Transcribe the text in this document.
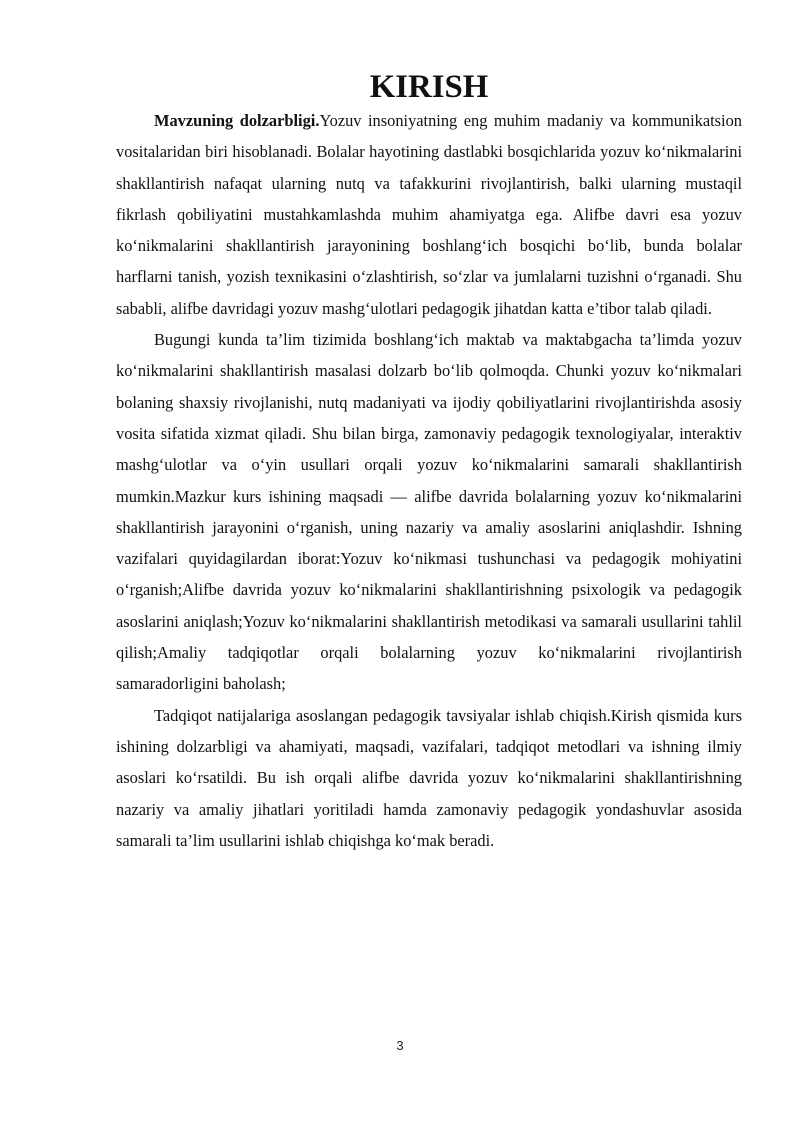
KIRISH

Mavzuning dolzarbligi.Yozuv insoniyatning eng muhim madaniy va kommunikatsion vositalaridan biri hisoblanadi. Bolalar hayotining dastlabki bosqichlarida yozuv ko‘nikmalarini shakllantirish nafaqat ularning nutq va tafakkurini rivojlantirish, balki ularning mustaqil fikrlash qobiliyatini mustahkamlashda muhim ahamiyatga ega. Alifbe davri esa yozuv ko‘nikmalarini shakllantirish jarayonining boshlang‘ich bosqichi bo‘lib, bunda bolalar harflarni tanish, yozish texnikasini o‘zlashtirish, so‘zlar va jumlalarni tuzishni o‘rganadi. Shu sababli, alifbe davridagi yozuv mashg‘ulotlari pedagogik jihatdan katta e’tibor talab qiladi.

Bugungi kunda ta’lim tizimida boshlang‘ich maktab va maktabgacha ta’limda yozuv ko‘nikmalarini shakllantirish masalasi dolzarb bo‘lib qolmoqda. Chunki yozuv ko‘nikmalari bolaning shaxsiy rivojlanishi, nutq madaniyati va ijodiy qobiliyatlarini rivojlantirishda asosiy vosita sifatida xizmat qiladi. Shu bilan birga, zamonaviy pedagogik texnologiyalar, interaktiv mashg‘ulotlar va o‘yin usullari orqali yozuv ko‘nikmalarini samarali shakllantirish mumkin.Mazkur kurs ishining maqsadi — alifbe davrida bolalarning yozuv ko‘nikmalarini shakllantirish jarayonini o‘rganish, uning nazariy va amaliy asoslarini aniqlashdir. Ishning vazifalari quyidagilardan iborat:Yozuv ko‘nikmasi tushunchasi va pedagogik mohiyatini o‘rganish;Alifbe davrida yozuv ko‘nikmalarini shakllantirishning psixologik va pedagogik asoslarini aniqlash;Yozuv ko‘nikmalarini shakllantirish metodikasi va samarali usullarini tahlil qilish;Amaliy tadqiqotlar orqali bolalarning yozuv ko‘nikmalarini rivojlantirish samaradorligini baholash;

Tadqiqot natijalariga asoslangan pedagogik tavsiyalar ishlab chiqish.Kirish qismida kurs ishining dolzarbligi va ahamiyati, maqsadi, vazifalari, tadqiqot metodlari va ishning ilmiy asoslari ko‘rsatildi. Bu ish orqali alifbe davrida yozuv ko‘nikmalarini shakllantirishning nazariy va amaliy jihatlari yoritiladi hamda zamonaviy pedagogik yondashuvlar asosida samarali ta’lim usullarini ishlab chiqishga ko‘mak beradi.

3
